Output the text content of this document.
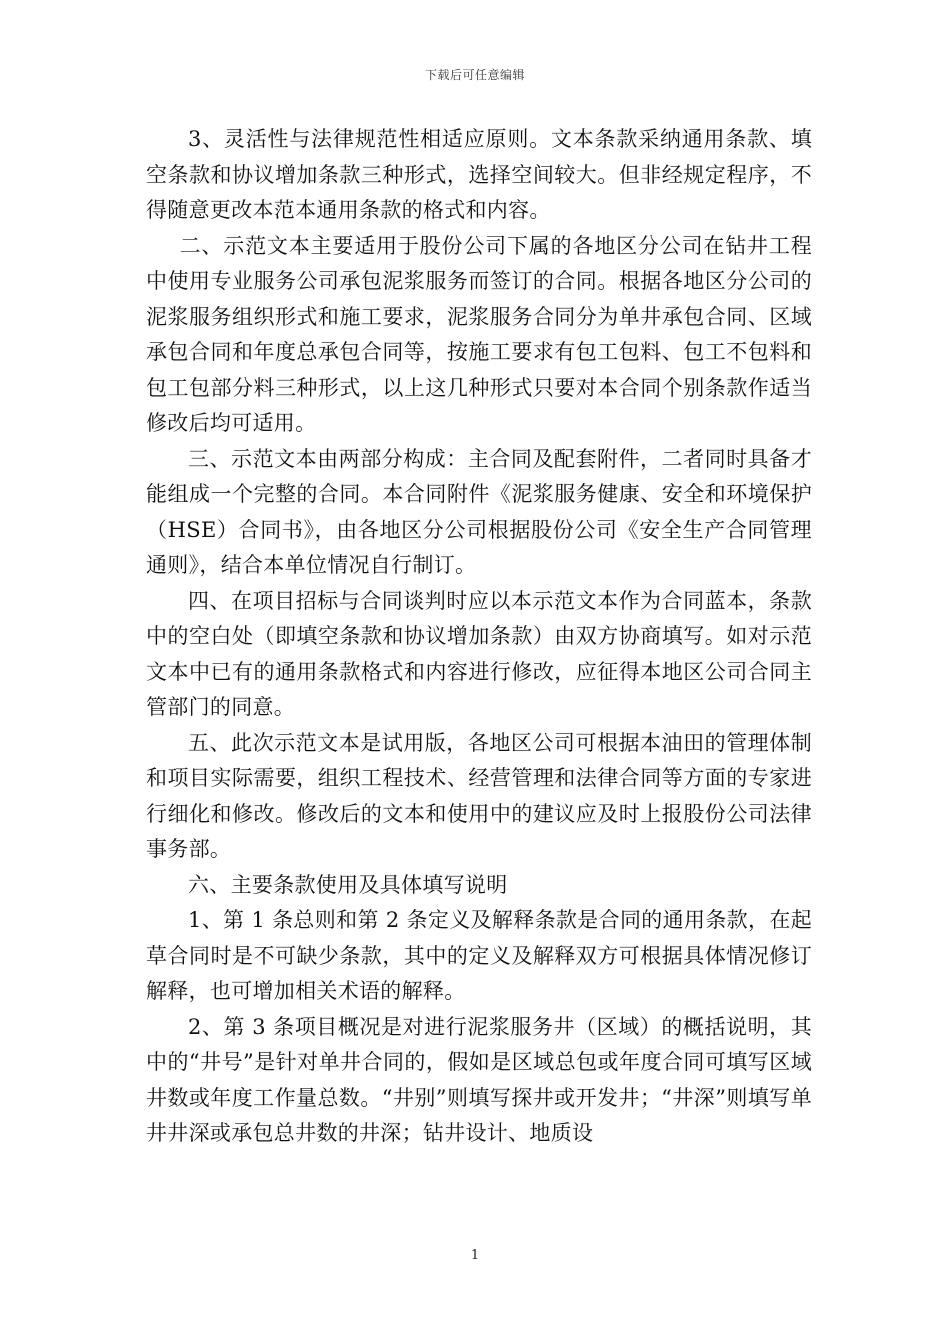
下载后可任意编辑

3、灵活性与法律规范性相适应原则。文本条款采纳通用条款、填空条款和协议增加条款三种形式，选择空间较大。但非经规定程序，不得随意更改本范本通用条款的格式和内容。

二、示范文本主要适用于股份公司下属的各地区分公司在钻井工程中使用专业服务公司承包泥浆服务而签订的合同。根据各地区分公司的泥浆服务组织形式和施工要求，泥浆服务合同分为单井承包合同、区域承包合同和年度总承包合同等，按施工要求有包工包料、包工不包料和包工包部分料三种形式，以上这几种形式只要对本合同个别条款作适当修改后均可适用。

三、示范文本由两部分构成：主合同及配套附件，二者同时具备才能组成一个完整的合同。本合同附件《泥浆服务健康、安全和环境保护（HSE）合同书》，由各地区分公司根据股份公司《安全生产合同管理通则》，结合本单位情况自行制订。

四、在项目招标与合同谈判时应以本示范文本作为合同蓝本，条款中的空白处（即填空条款和协议增加条款）由双方协商填写。如对示范文本中已有的通用条款格式和内容进行修改，应征得本地区公司合同主管部门的同意。

五、此次示范文本是试用版，各地区公司可根据本油田的管理体制和项目实际需要，组织工程技术、经营管理和法律合同等方面的专家进行细化和修改。修改后的文本和使用中的建议应及时上报股份公司法律事务部。

六、主要条款使用及具体填写说明

1、第 1 条总则和第 2 条定义及解释条款是合同的通用条款，在起草合同时是不可缺少条款，其中的定义及解释双方可根据具体情况修订解释，也可增加相关术语的解释。

2、第 3 条项目概况是对进行泥浆服务井（区域）的概括说明，其中的“井号”是针对单井合同的，假如是区域总包或年度合同可填写区域井数或年度工作量总数。“井别”则填写探井或开发井；“井深”则填写单井井深或承包总井数的井深；钻井设计、地质设

1
